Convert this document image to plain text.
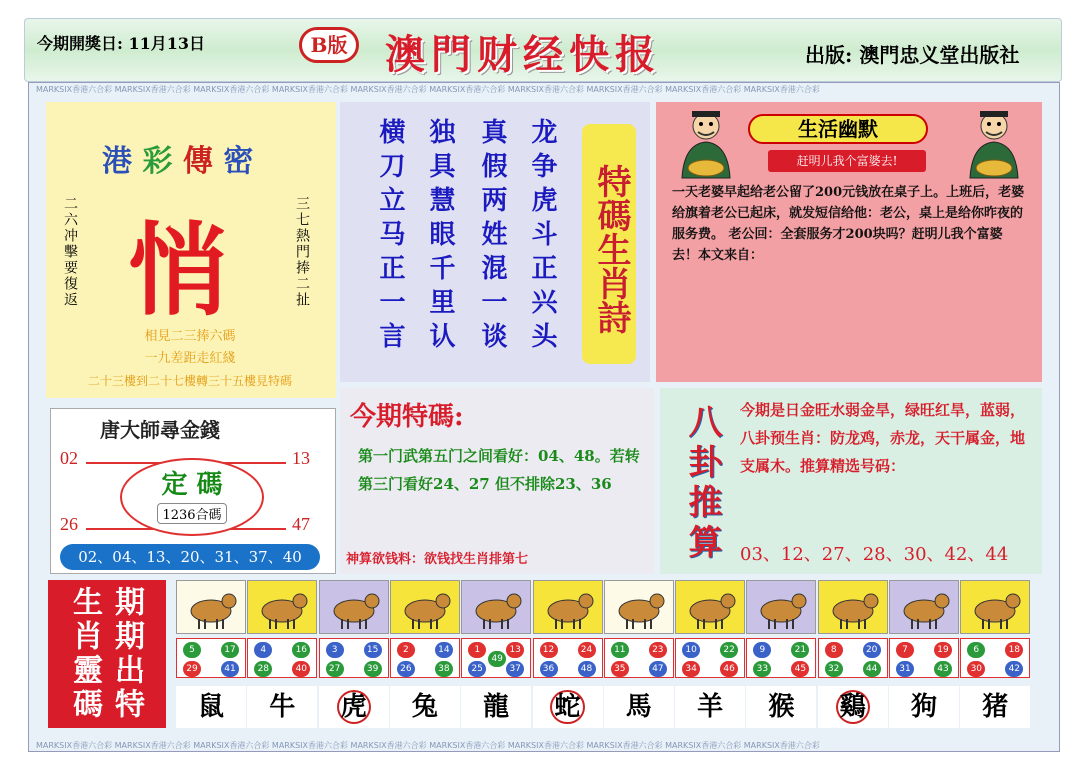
今期開獎日: 11月13日	B版 澳門财经快报	出版: 澳門忠义堂出版社
MARKSIX香港六合彩 MARKSIX香港六合彩 MARKSIX香港六合彩 MARKSIX香港六合彩 MARKSIX香港六合彩 MARKSIX香港六合彩 MARKSIX香港六合彩 MARKSIX香港六合彩 MARKSIX香港六合彩 MARKSIX香港六合彩
MARKSIX香港六合彩 MARKSIX香港六合彩 MARKSIX香港六合彩 MARKSIX香港六合彩 MARKSIX香港六合彩 MARKSIX香港六合彩 MARKSIX香港六合彩 MARKSIX香港六合彩 MARKSIX香港六合彩 MARKSIX香港六合彩
港 彩 傳 密
悄
二六冲擊要復返	三七熱門捧二扯
相見二三捧六碼
一九差距走紅綫
二十三樓到二十七樓轉三十五樓見特碼
唐大師尋金錢
02	13
26	47
定 碼
1236合碼
02、04、13、20、31、37、40
龙争虎斗正兴头
真假两姓混一谈
独具慧眼千里认
横刀立马正一言	特碼生肖詩
生活幽默
赶明儿我个富婆去!
一天老婆早起给老公留了200元钱放在桌子上。上班后，老婆给旗着老公已起床，就发短信给他：老公，桌上是给你昨夜的服务费。 老公回：全套服务才200块吗？赶明儿我个富婆去！本文来自：
今期特碼:
第一门武第五门之间看好：04、48。若转第三门看好24、27 但不排除23、36
神算欲钱料：欲钱找生肖排第七	八卦推算	今期是日金旺水弱金旱，绿旺红旱，蓝弱，八卦预生肖：防龙鸡，赤龙，天干属金，地支属木。推算精选号码：
03、12、27、28、30、42、44
期期出特
生肖靈碼	5	17
29	41
鼠
4	16
28	40
牛
3	15
27	39
虎
2	14
26	38
兔
1	13
25	37
49
龍
12	24
36	48
蛇
11	23
35	47
馬
10	22
34	46
羊
9	21
33	45
猴
8	20
32	44
鷄
7	19
31	43
狗
6	18
30	42
猪
